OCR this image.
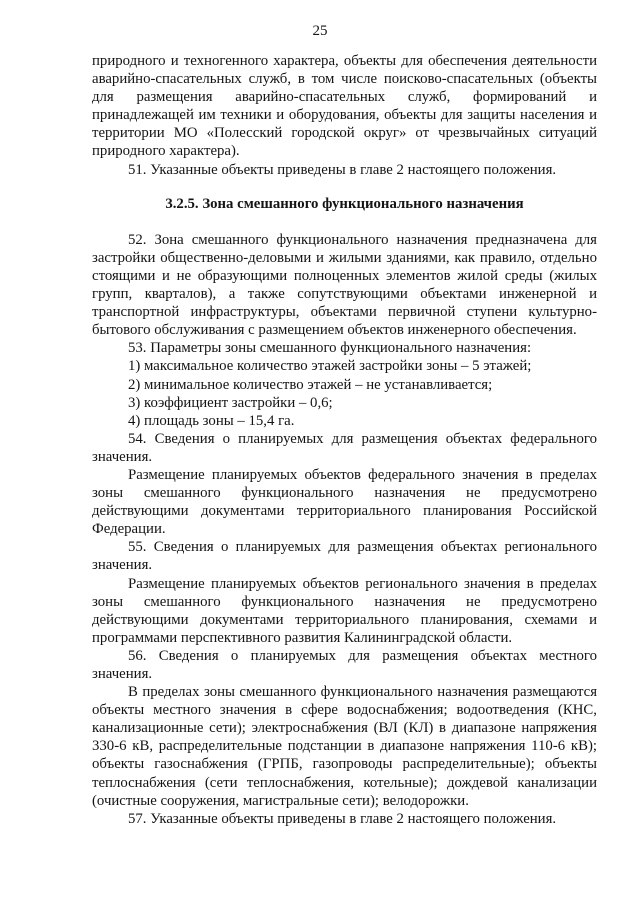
25

природного и техногенного характера, объекты для обеспечения деятельности аварийно-спасательных служб, в том числе поисково-спасательных (объекты для размещения аварийно-спасательных служб, формирований и принадлежащей им техники и оборудования, объекты для защиты населения и территории МО «Полесский городской округ» от чрезвычайных ситуаций природного характера).

51. Указанные объекты приведены в главе 2 настоящего положения.

3.2.5. Зона смешанного функционального назначения

52. Зона смешанного функционального назначения предназначена для застройки общественно-деловыми и жилыми зданиями, как правило, отдельно стоящими и не образующими полноценных элементов жилой среды (жилых групп, кварталов), а также сопутствующими объектами инженерной и транспортной инфраструктуры, объектами первичной ступени культурно-бытового обслуживания с размещением объектов инженерного обеспечения.

53. Параметры зоны смешанного функционального назначения:

1) максимальное количество этажей застройки зоны – 5 этажей;

2) минимальное количество этажей – не устанавливается;

3) коэффициент застройки – 0,6;

4) площадь зоны – 15,4 га.

54. Сведения о планируемых для размещения объектах федерального значения.

Размещение планируемых объектов федерального значения в пределах зоны смешанного функционального назначения не предусмотрено действующими документами территориального планирования Российской Федерации.

55. Сведения о планируемых для размещения объектах регионального значения.

Размещение планируемых объектов регионального значения в пределах зоны смешанного функционального назначения не предусмотрено действующими документами территориального планирования, схемами и программами перспективного развития Калининградской области.

56. Сведения о планируемых для размещения объектах местного значения.

В пределах зоны смешанного функционального назначения размещаются объекты местного значения в сфере водоснабжения; водоотведения (КНС, канализационные сети); электроснабжения (ВЛ (КЛ) в диапазоне напряжения 330-6 кВ, распределительные подстанции в диапазоне напряжения 110-6 кВ); объекты газоснабжения (ГРПБ, газопроводы распределительные); объекты теплоснабжения (сети теплоснабжения, котельные); дождевой канализации (очистные сооружения, магистральные сети); велодорожки.

57. Указанные объекты приведены в главе 2 настоящего положения.
